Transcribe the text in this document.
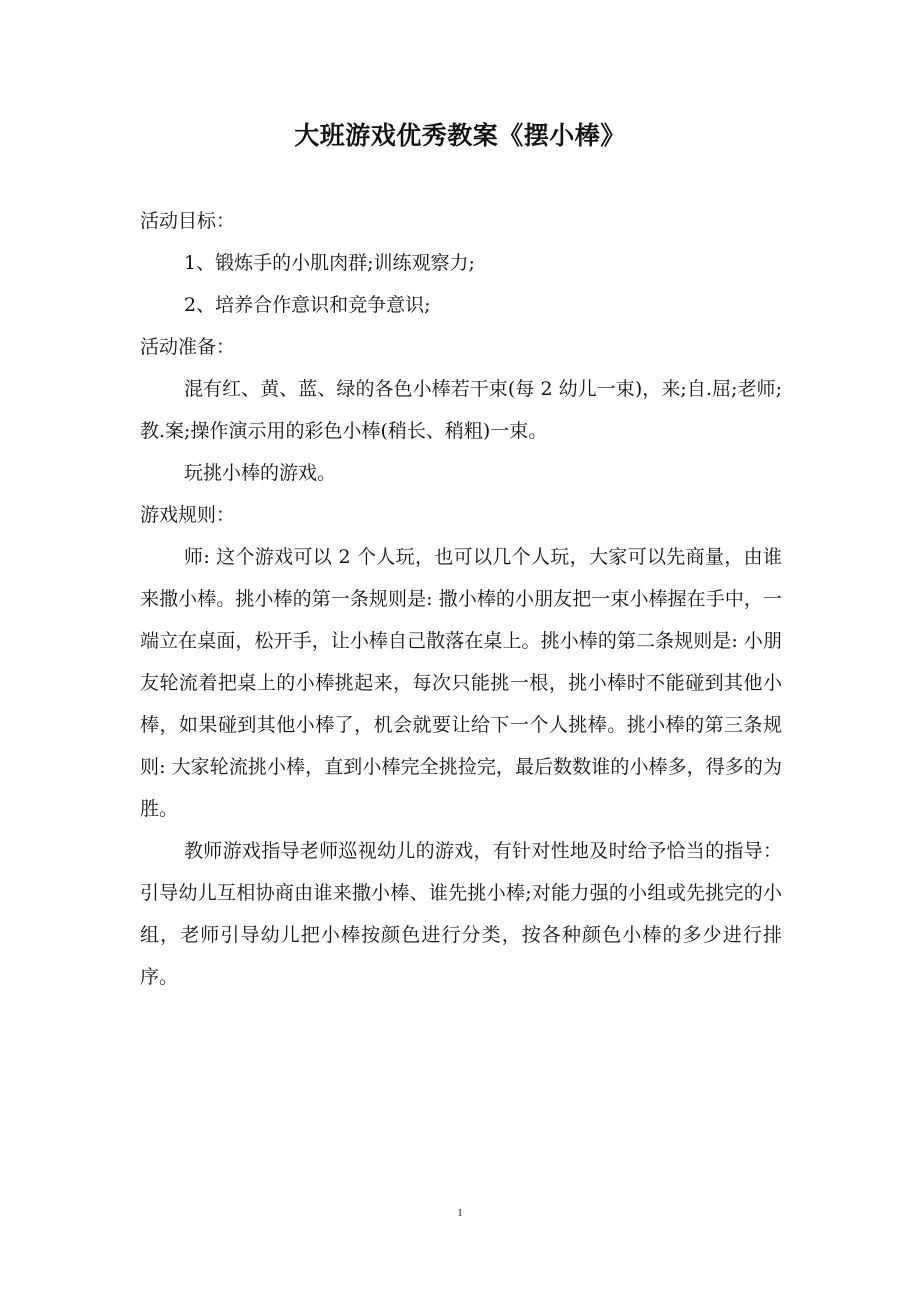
大班游戏优秀教案《摆小棒》

活动目标：

1、锻炼手的小肌肉群;训练观察力;

2、培养合作意识和竞争意识;

活动准备：

混有红、黄、蓝、绿的各色小棒若干束(每 2 幼儿一束)，来;自.屈;老师;教.案;操作演示用的彩色小棒(稍长、稍粗)一束。

玩挑小棒的游戏。

游戏规则：

师: 这个游戏可以 2 个人玩，也可以几个人玩，大家可以先商量，由谁来撒小棒。挑小棒的第一条规则是: 撒小棒的小朋友把一束小棒握在手中，一端立在桌面，松开手，让小棒自己散落在桌上。挑小棒的第二条规则是: 小朋友轮流着把桌上的小棒挑起来，每次只能挑一根，挑小棒时不能碰到其他小棒，如果碰到其他小棒了，机会就要让给下一个人挑棒。挑小棒的第三条规则: 大家轮流挑小棒，直到小棒完全挑捡完，最后数数谁的小棒多，得多的为胜。

教师游戏指导老师巡视幼儿的游戏，有针对性地及时给予恰当的指导：引导幼儿互相协商由谁来撒小棒、谁先挑小棒;对能力强的小组或先挑完的小组，老师引导幼儿把小棒按颜色进行分类，按各种颜色小棒的多少进行排序。

1
